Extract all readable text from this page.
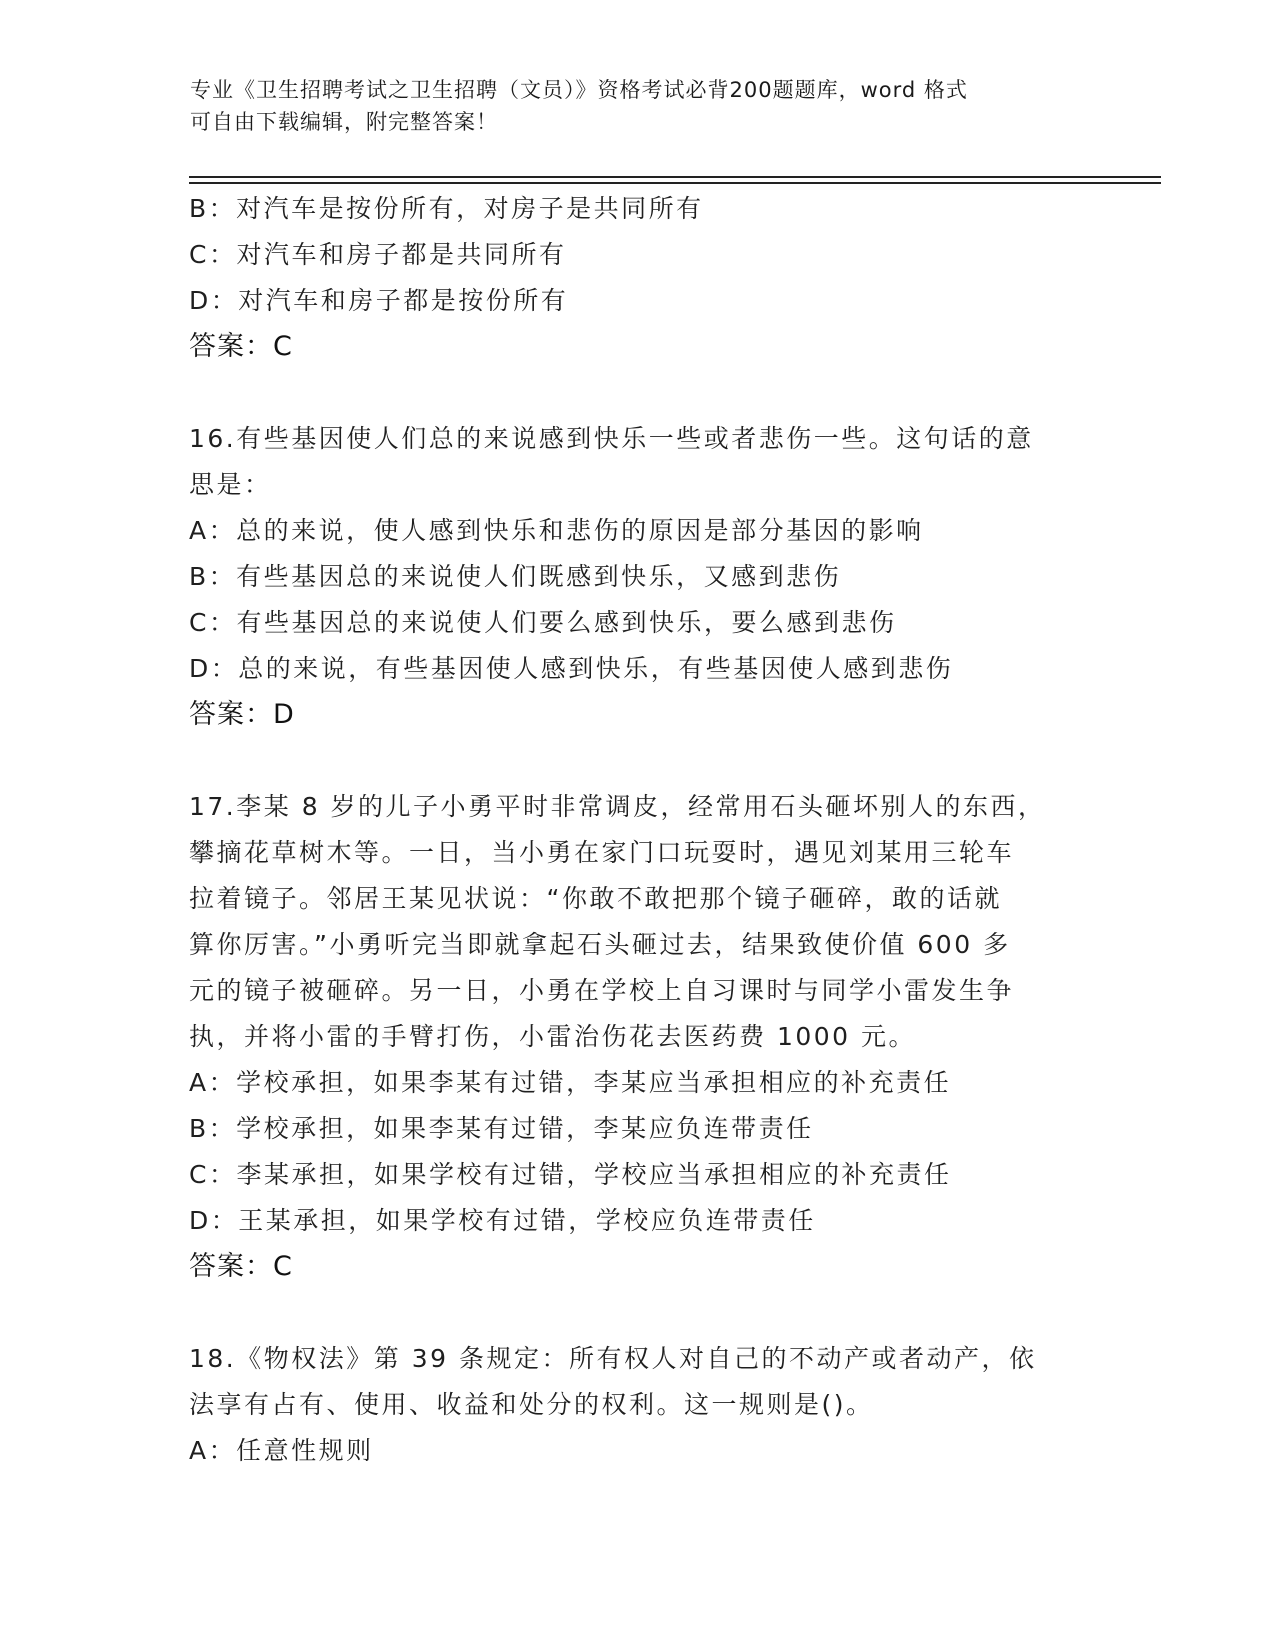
专业《卫生招聘考试之卫生招聘（文员）》资格考试必背200题题库，word 格式
可自由下载编辑，附完整答案！
B：对汽车是按份所有，对房子是共同所有
C：对汽车和房子都是共同所有
D：对汽车和房子都是按份所有
答案：C
16.有些基因使人们总的来说感到快乐一些或者悲伤一些。这句话的意
思是：
A：总的来说，使人感到快乐和悲伤的原因是部分基因的影响
B：有些基因总的来说使人们既感到快乐，又感到悲伤
C：有些基因总的来说使人们要么感到快乐，要么感到悲伤
D：总的来说，有些基因使人感到快乐，有些基因使人感到悲伤
答案：D
17.李某 8 岁的儿子小勇平时非常调皮，经常用石头砸坏别人的东西，
攀摘花草树木等。一日，当小勇在家门口玩耍时，遇见刘某用三轮车
拉着镜子。邻居王某见状说：“你敢不敢把那个镜子砸碎，敢的话就
算你厉害。”小勇听完当即就拿起石头砸过去，结果致使价值 600 多
元的镜子被砸碎。另一日，小勇在学校上自习课时与同学小雷发生争
执，并将小雷的手臂打伤，小雷治伤花去医药费 1000 元。
A：学校承担，如果李某有过错，李某应当承担相应的补充责任
B：学校承担，如果李某有过错，李某应负连带责任
C：李某承担，如果学校有过错，学校应当承担相应的补充责任
D：王某承担，如果学校有过错，学校应负连带责任
答案：C
18.《物权法》第 39 条规定：所有权人对自己的不动产或者动产，依
法享有占有、使用、收益和处分的权利。这一规则是()。
A：任意性规则
